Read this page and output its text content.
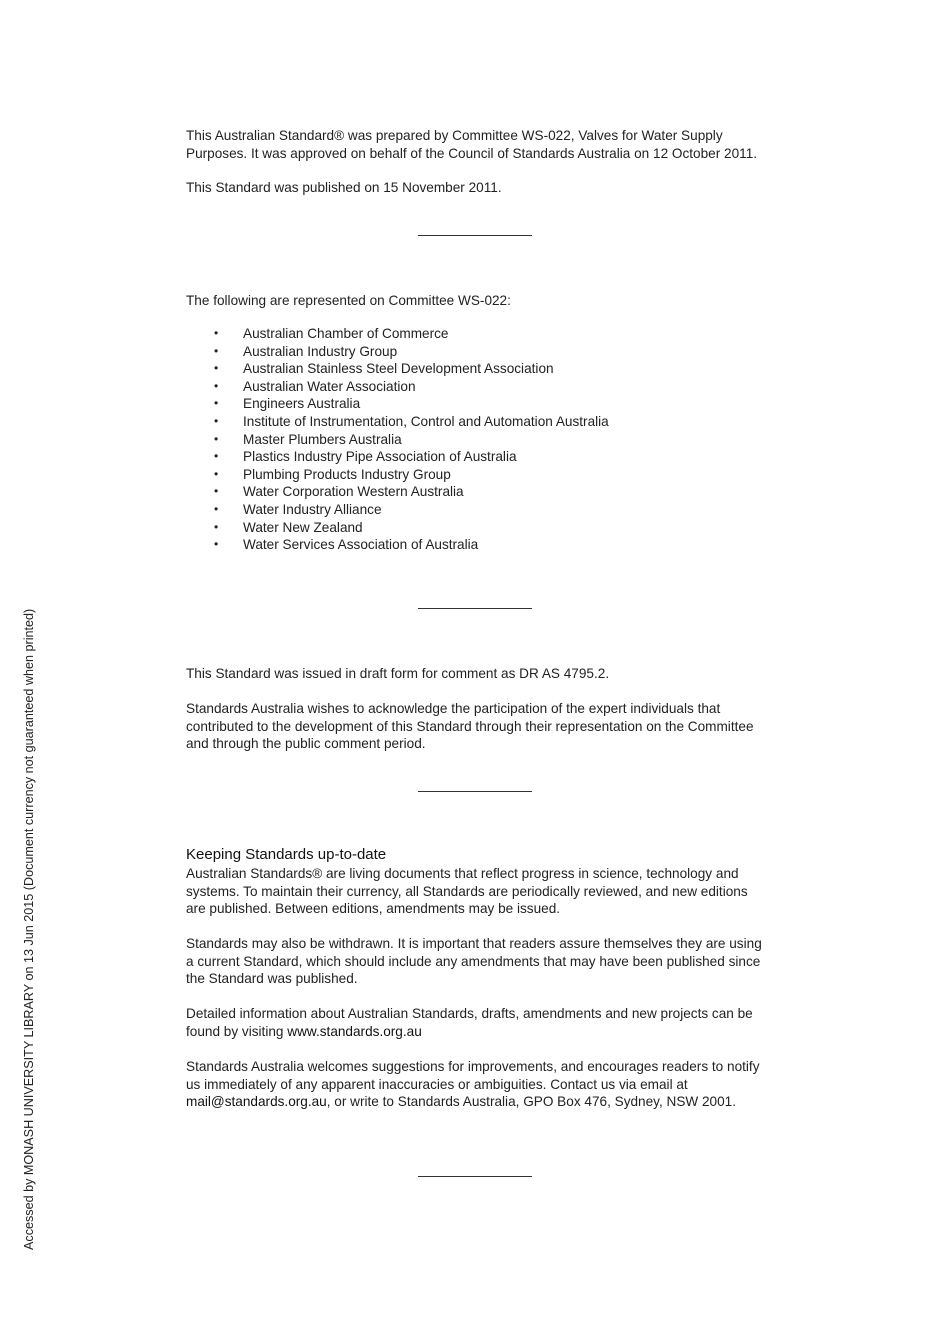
This Australian Standard® was prepared by Committee WS-022, Valves for Water Supply Purposes. It was approved on behalf of the Council of Standards Australia on 12 October 2011.

This Standard was published on 15 November 2011.

The following are represented on Committee WS-022:

•	Australian Chamber of Commerce
•	Australian Industry Group
•	Australian Stainless Steel Development Association
•	Australian Water Association
•	Engineers Australia
•	Institute of Instrumentation, Control and Automation Australia
•	Master Plumbers Australia
•	Plastics Industry Pipe Association of Australia
•	Plumbing Products Industry Group
•	Water Corporation Western Australia
•	Water Industry Alliance
•	Water New Zealand
•	Water Services Association of Australia

This Standard was issued in draft form for comment as DR AS 4795.2.

Standards Australia wishes to acknowledge the participation of the expert individuals that contributed to the development of this Standard through their representation on the Committee and through the public comment period.

Keeping Standards up-to-date

Australian Standards® are living documents that reflect progress in science, technology and systems. To maintain their currency, all Standards are periodically reviewed, and new editions are published. Between editions, amendments may be issued.

Standards may also be withdrawn. It is important that readers assure themselves they are using a current Standard, which should include any amendments that may have been published since the Standard was published.

Detailed information about Australian Standards, drafts, amendments and new projects can be found by visiting www.standards.org.au

Standards Australia welcomes suggestions for improvements, and encourages readers to notify us immediately of any apparent inaccuracies or ambiguities. Contact us via email at mail@standards.org.au, or write to Standards Australia, GPO Box 476, Sydney, NSW 2001.

Accessed by MONASH UNIVERSITY LIBRARY on 13 Jun 2015 (Document currency not guaranteed when printed)
